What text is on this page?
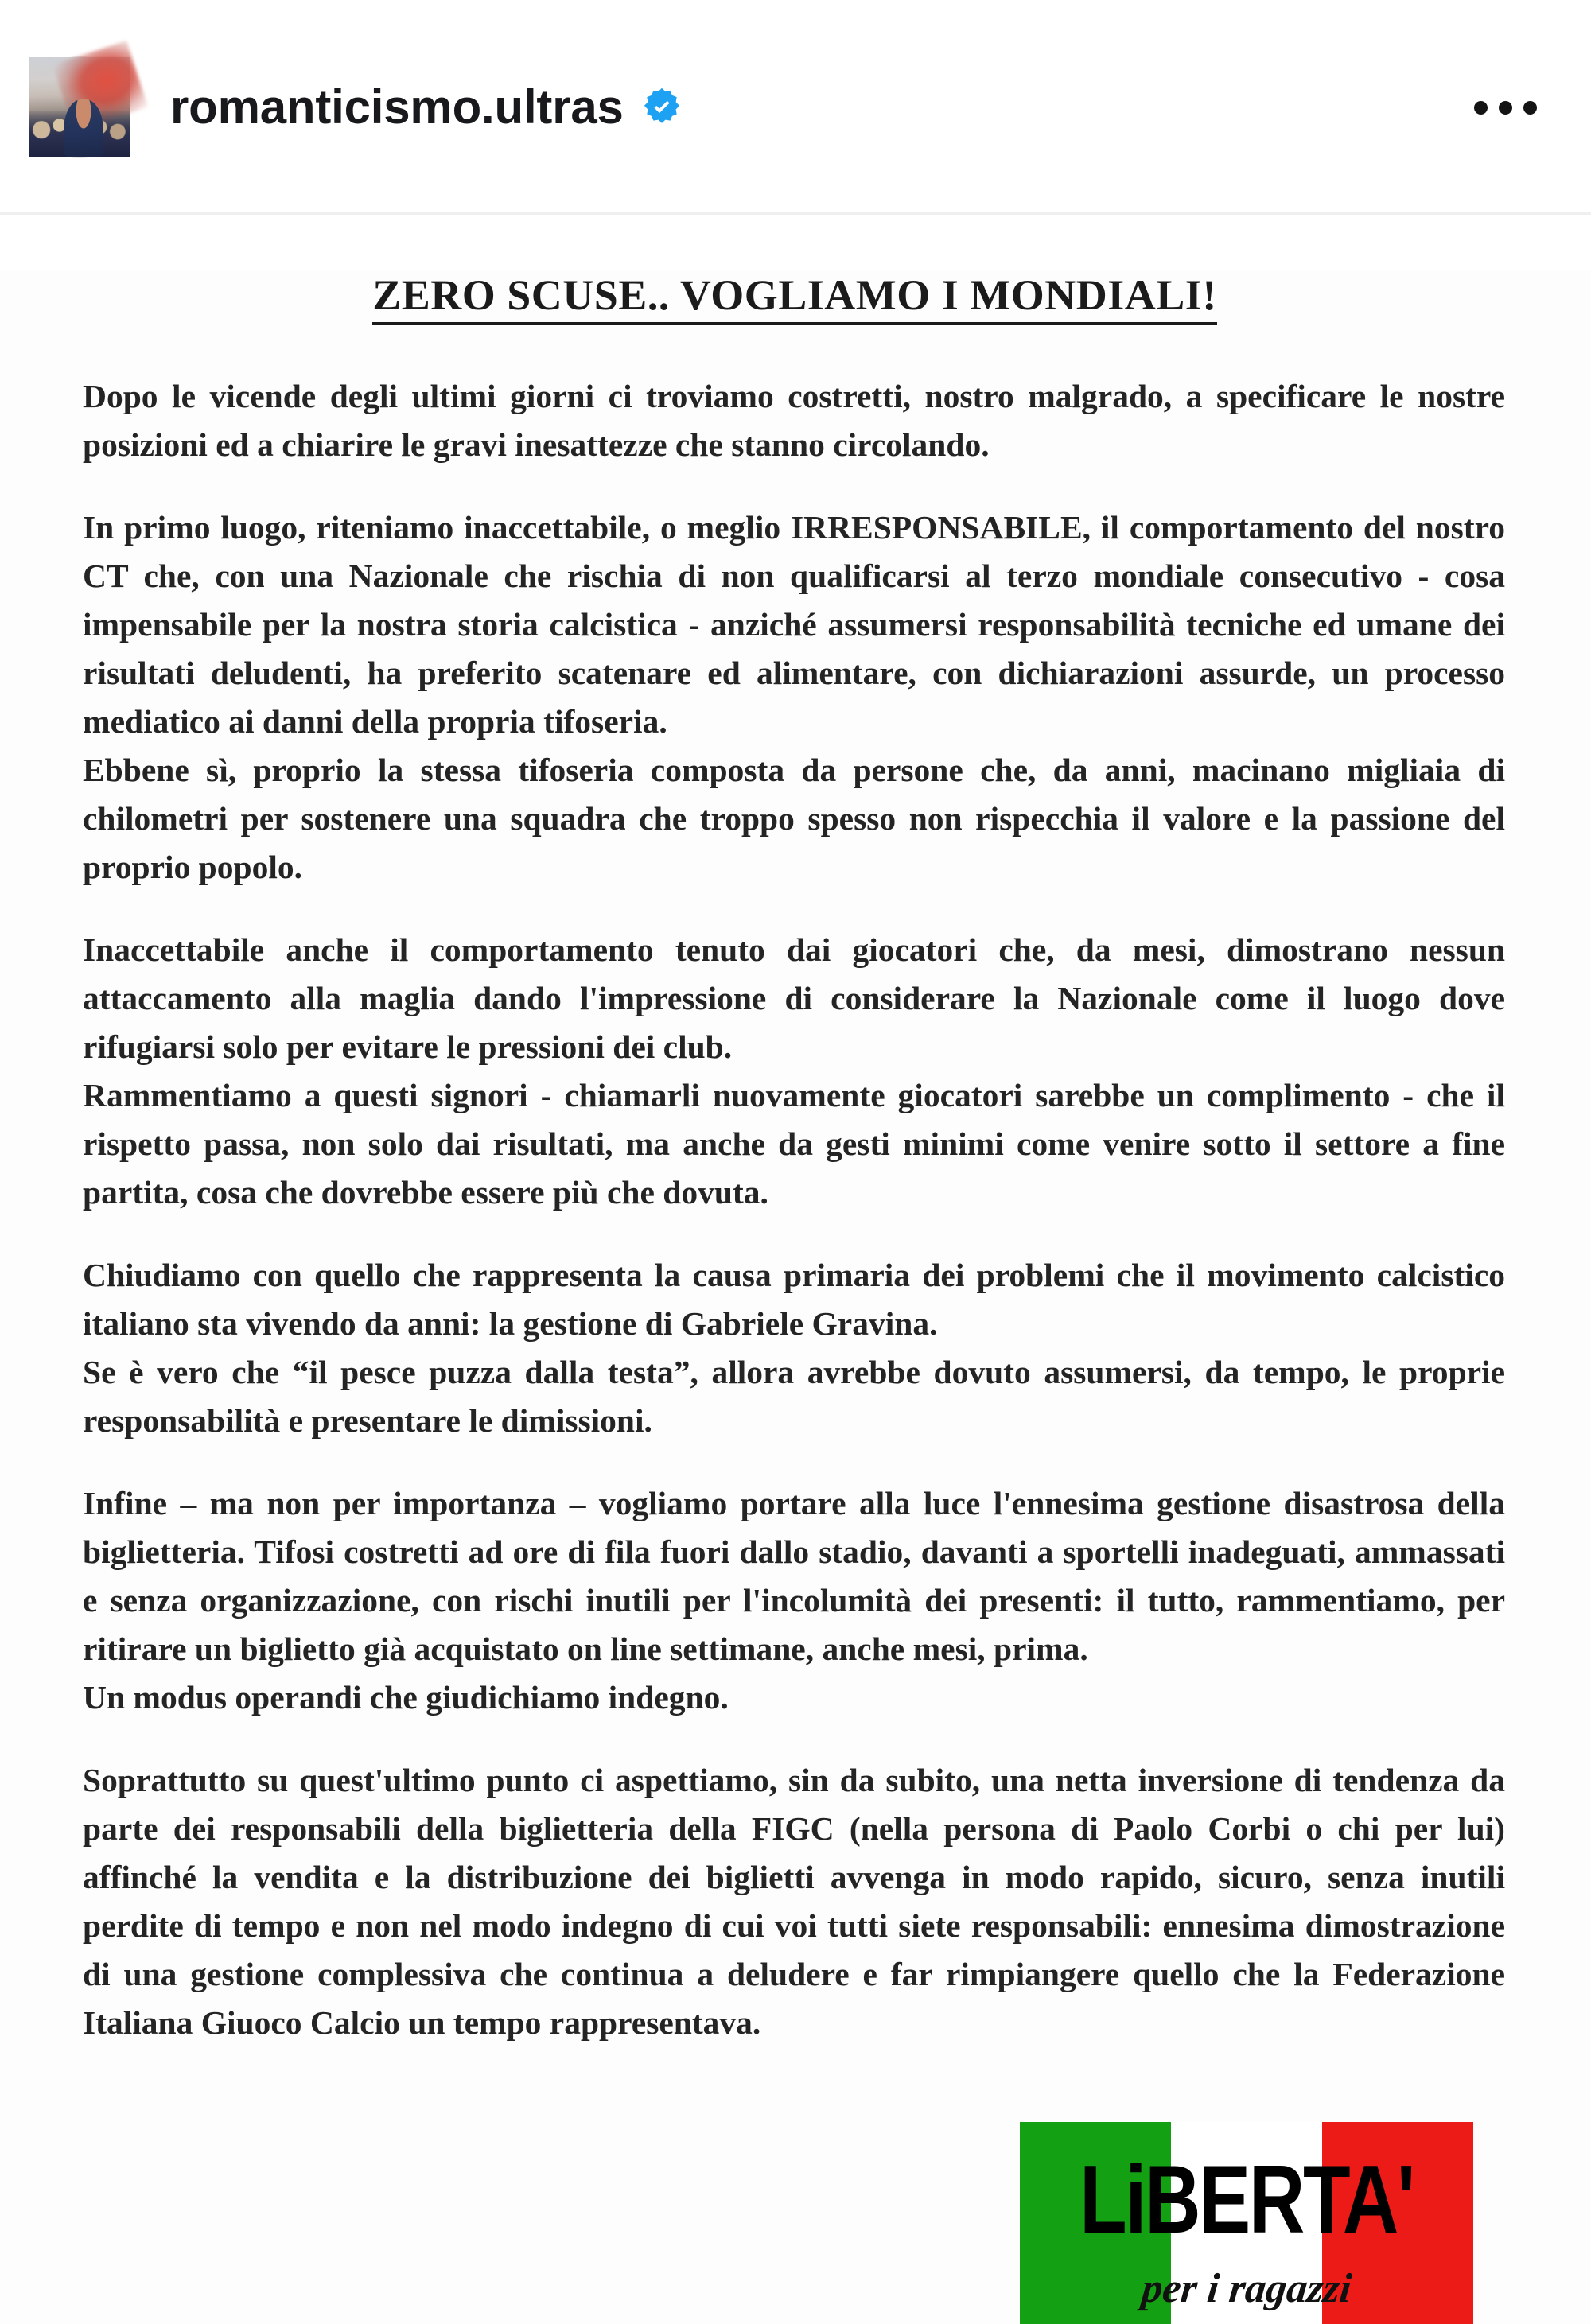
romanticismo.ultras
ZERO SCUSE.. VOGLIAMO I MONDIALI!

Dopo le vicende degli ultimi giorni ci troviamo costretti, nostro malgrado, a specificare le nostre posizioni ed a chiarire le gravi inesattezze che stanno circolando.

In primo luogo, riteniamo inaccettabile, o meglio IRRESPONSABILE, il comportamento del nostro CT che, con una Nazionale che rischia di non qualificarsi al terzo mondiale consecutivo - cosa impensabile per la nostra storia calcistica - anziché assumersi responsabilità tecniche ed umane dei risultati deludenti, ha preferito scatenare ed alimentare, con dichiarazioni assurde, un processo mediatico ai danni della propria tifoseria.

Ebbene sì, proprio la stessa tifoseria composta da persone che, da anni, macinano migliaia di chilometri per sostenere una squadra che troppo spesso non rispecchia il valore e la passione del proprio popolo.

Inaccettabile anche il comportamento tenuto dai giocatori che, da mesi, dimostrano nessun attaccamento alla maglia dando l'impressione di considerare la Nazionale come il luogo dove rifugiarsi solo per evitare le pressioni dei club.

Rammentiamo a questi signori - chiamarli nuovamente giocatori sarebbe un complimento - che il rispetto passa, non solo dai risultati, ma anche da gesti minimi come venire sotto il settore a fine partita, cosa che dovrebbe essere più che dovuta.

Chiudiamo con quello che rappresenta la causa primaria dei problemi che il movimento calcistico italiano sta vivendo da anni: la gestione di Gabriele Gravina.

Se è vero che “il pesce puzza dalla testa”, allora avrebbe dovuto assumersi, da tempo, le proprie responsabilità e presentare le dimissioni.

Infine – ma non per importanza – vogliamo portare alla luce l'ennesima gestione disastrosa della biglietteria. Tifosi costretti ad ore di fila fuori dallo stadio, davanti a sportelli inadeguati, ammassati e senza organizzazione, con rischi inutili per l'incolumità dei presenti: il tutto, rammentiamo, per ritirare un biglietto già acquistato on line settimane, anche mesi, prima.

Un modus operandi che giudichiamo indegno.

Soprattutto su quest'ultimo punto ci aspettiamo, sin da subito, una netta inversione di tendenza da parte dei responsabili della biglietteria della FIGC (nella persona di Paolo Corbi o chi per lui) affinché la vendita e la distribuzione dei biglietti avvenga in modo rapido, sicuro, senza inutili perdite di tempo e non nel modo indegno di cui voi tutti siete responsabili: ennesima dimostrazione di una gestione complessiva che continua a deludere e far rimpiangere quello che la Federazione Italiana Giuoco Calcio un tempo rappresentava.

LiBERTA'
per i ragazzi
